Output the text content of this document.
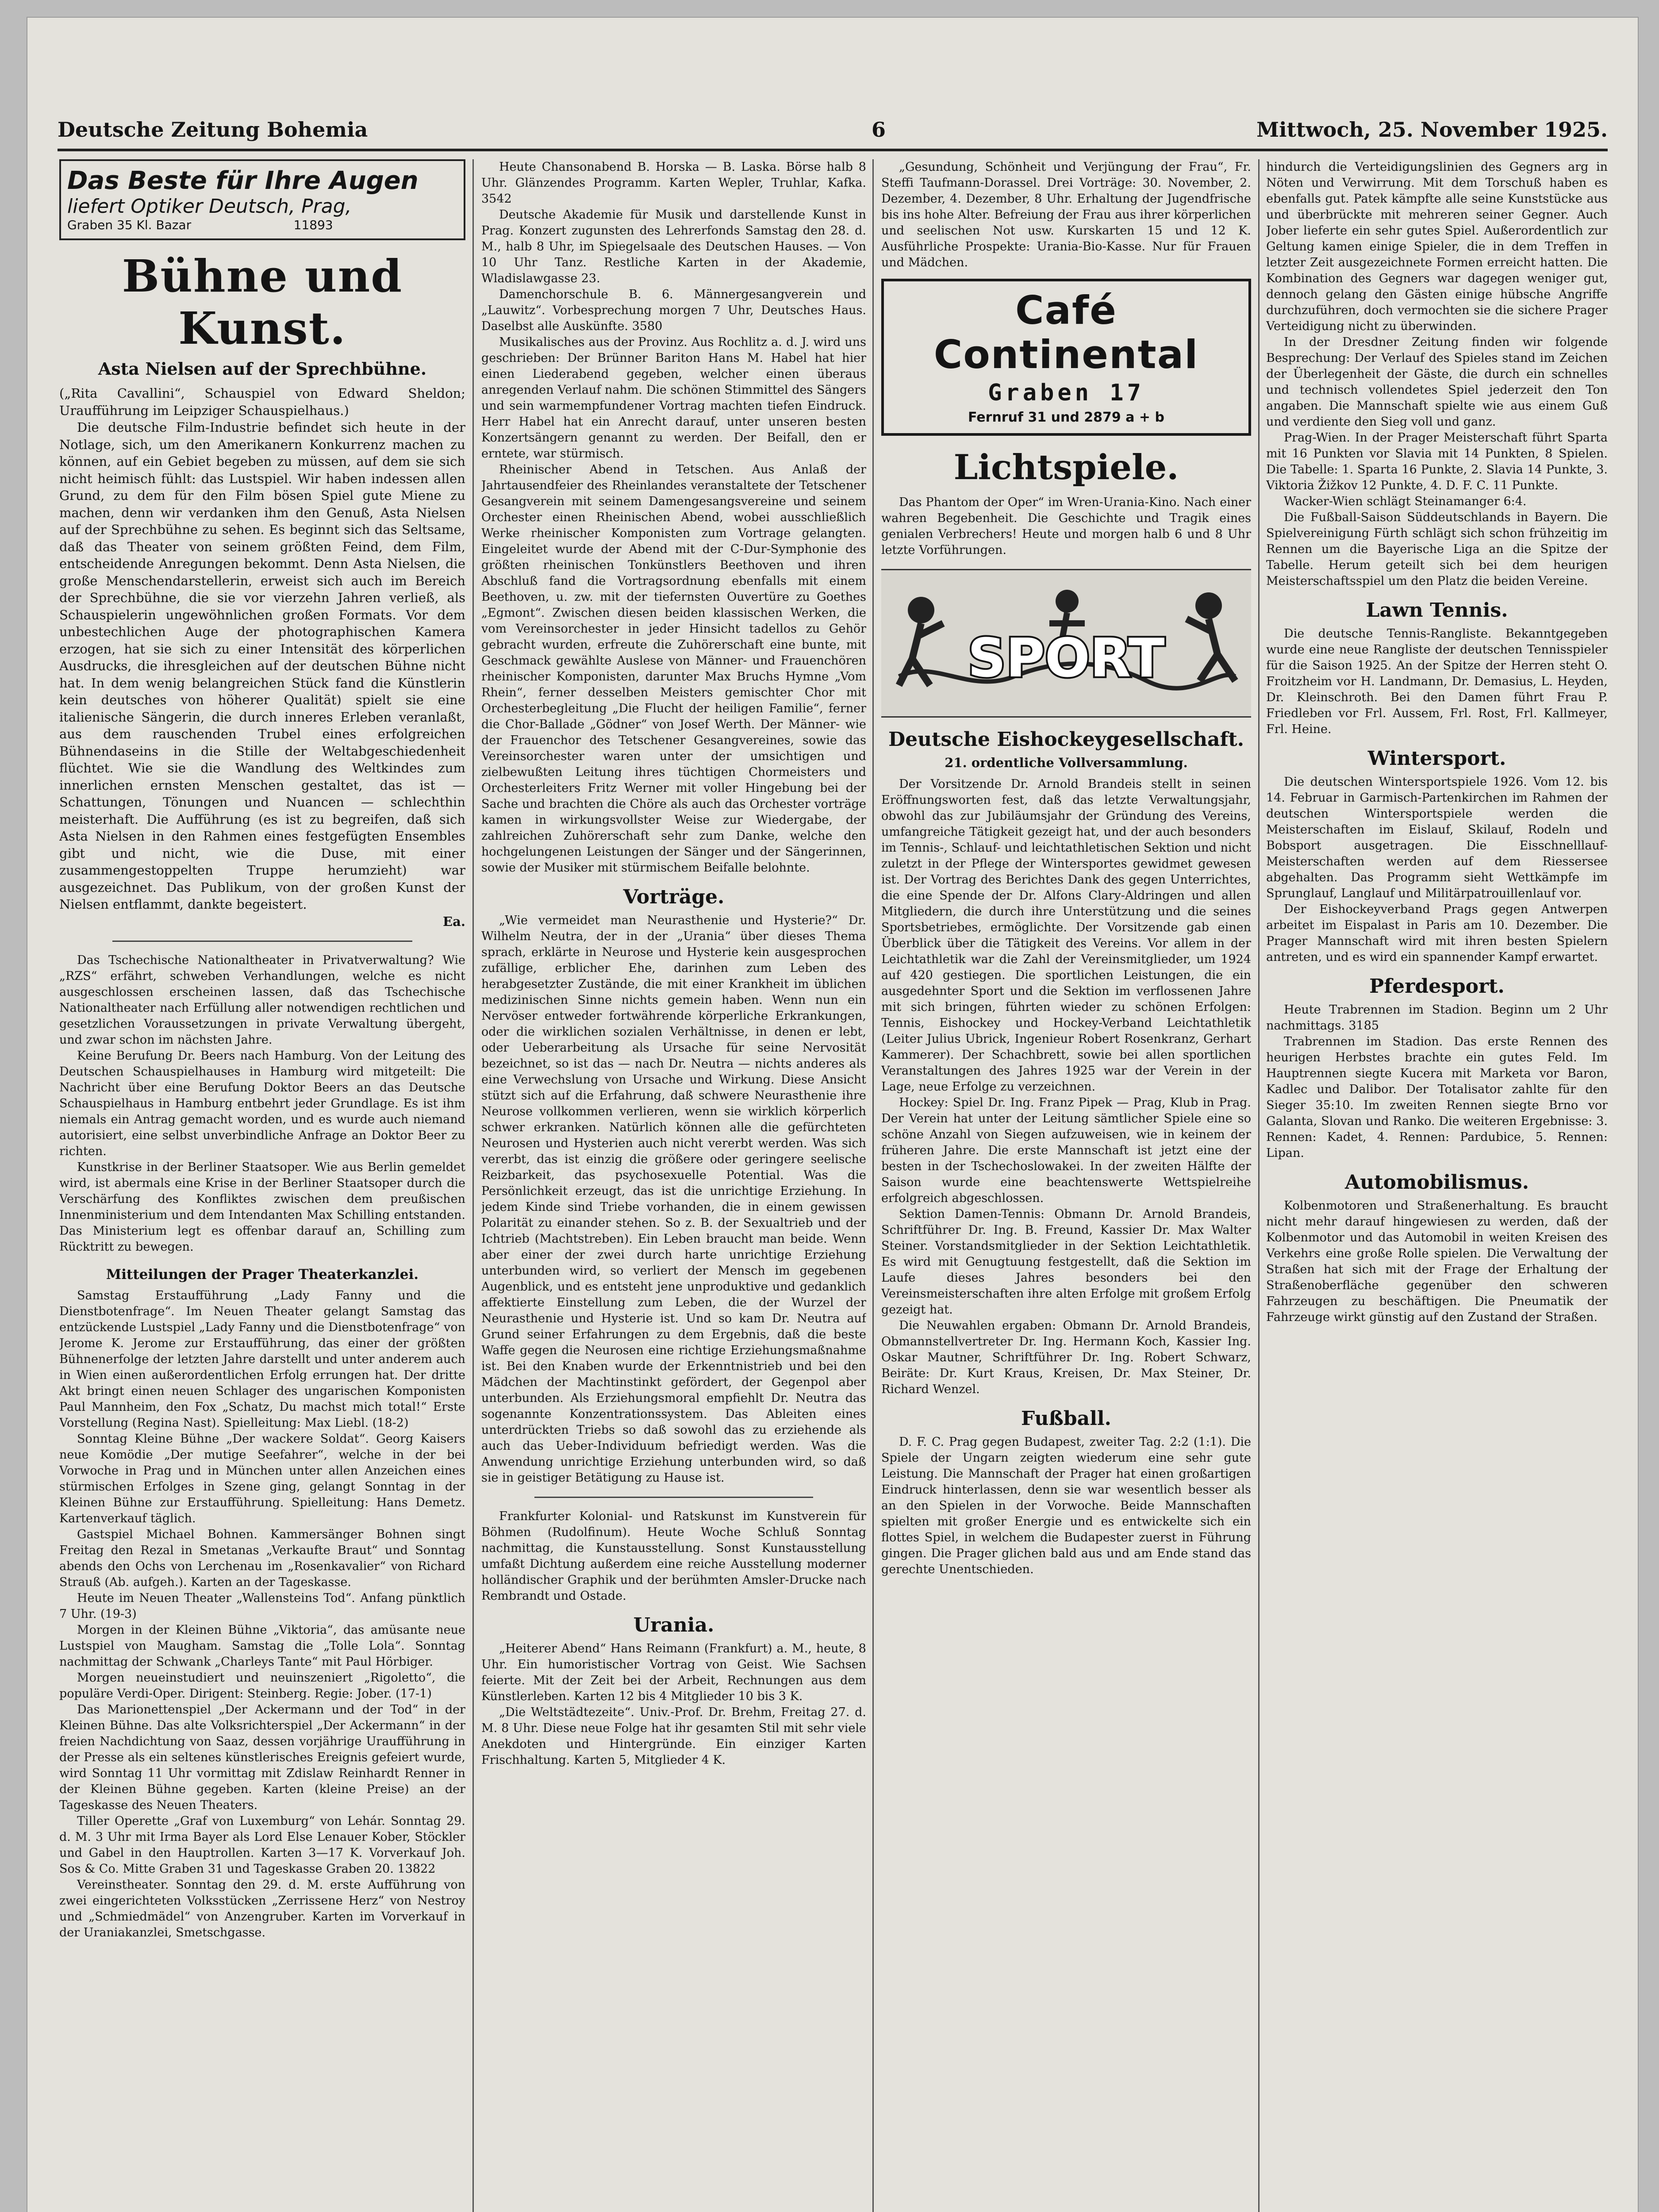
Deutsche Zeitung Bohemia	6	Mittwoch, 25. November 1925.
Das Beste für Ihre Augen
liefert Optiker Deutsch, Prag,
Graben 35 Kl. Bazar	11893
Bühne und Kunst.
Asta Nielsen auf der Sprechbühne.

(„Rita Cavallini“, Schauspiel von Edward Sheldon; Uraufführung im Leipziger Schauspielhaus.)

Die deutsche Film-Industrie befindet sich heute in der Notlage, sich, um den Amerikanern Konkurrenz machen zu können, auf ein Gebiet begeben zu müssen, auf dem sie sich nicht heimisch fühlt: das Lustspiel. Wir haben indessen allen Grund, zu dem für den Film bösen Spiel gute Miene zu machen, denn wir verdanken ihm den Genuß, Asta Nielsen auf der Sprechbühne zu sehen. Es beginnt sich das Seltsame, daß das Theater von seinem größten Feind, dem Film, entscheidende Anregungen bekommt. Denn Asta Nielsen, die große Menschendarstellerin, erweist sich auch im Bereich der Sprechbühne, die sie vor vierzehn Jahren verließ, als Schauspielerin ungewöhnlichen großen Formats. Vor dem unbestechlichen Auge der photographischen Kamera erzogen, hat sie sich zu einer Intensität des körperlichen Ausdrucks, die ihresgleichen auf der deutschen Bühne nicht hat. In dem wenig belangreichen Stück fand die Künstlerin kein deutsches von höherer Qualität) spielt sie eine italienische Sängerin, die durch inneres Erleben veranlaßt, aus dem rauschenden Trubel eines erfolgreichen Bühnendaseins in die Stille der Weltabgeschiedenheit flüchtet. Wie sie die Wandlung des Weltkindes zum innerlichen ernsten Menschen gestaltet, das ist — Schattungen, Tönungen und Nuancen — schlechthin meisterhaft. Die Aufführung (es ist zu begreifen, daß sich Asta Nielsen in den Rahmen eines festgefügten Ensembles gibt und nicht, wie die Duse, mit einer zusammengestoppelten Truppe herumzieht) war ausgezeichnet. Das Publikum, von der großen Kunst der Nielsen entflammt, dankte begeistert.

Ea.

Das Tschechische Nationaltheater in Privatverwaltung? Wie „RZS“ erfährt, schweben Verhandlungen, welche es nicht ausgeschlossen erscheinen lassen, daß das Tschechische Nationaltheater nach Erfüllung aller notwendigen rechtlichen und gesetzlichen Voraussetzungen in private Verwaltung übergeht, und zwar schon im nächsten Jahre.

Keine Berufung Dr. Beers nach Hamburg. Von der Leitung des Deutschen Schauspielhauses in Hamburg wird mitgeteilt: Die Nachricht über eine Berufung Doktor Beers an das Deutsche Schauspielhaus in Hamburg entbehrt jeder Grundlage. Es ist ihm niemals ein Antrag gemacht worden, und es wurde auch niemand autorisiert, eine selbst unverbindliche Anfrage an Doktor Beer zu richten.

Kunstkrise in der Berliner Staatsoper. Wie aus Berlin gemeldet wird, ist abermals eine Krise in der Berliner Staatsoper durch die Verschärfung des Konfliktes zwischen dem preußischen Innenministerium und dem Intendanten Max Schilling entstanden. Das Ministerium legt es offenbar darauf an, Schilling zum Rücktritt zu bewegen.

Mitteilungen der Prager Theaterkanzlei.

Samstag Erstaufführung „Lady Fanny und die Dienstbotenfrage“. Im Neuen Theater gelangt Samstag das entzückende Lustspiel „Lady Fanny und die Dienstbotenfrage“ von Jerome K. Jerome zur Erstaufführung, das einer der größten Bühnenerfolge der letzten Jahre darstellt und unter anderem auch in Wien einen außerordentlichen Erfolg errungen hat. Der dritte Akt bringt einen neuen Schlager des ungarischen Komponisten Paul Mannheim, den Fox „Schatz, Du machst mich total!“ Erste Vorstellung (Regina Nast). Spielleitung: Max Liebl. (18-2)

Sonntag Kleine Bühne „Der wackere Soldat“. Georg Kaisers neue Komödie „Der mutige Seefahrer“, welche in der bei Vorwoche in Prag und in München unter allen Anzeichen eines stürmischen Erfolges in Szene ging, gelangt Sonntag in der Kleinen Bühne zur Erstaufführung. Spielleitung: Hans Demetz. Kartenverkauf täglich.

Gastspiel Michael Bohnen. Kammersänger Bohnen singt Freitag den Rezal in Smetanas „Verkaufte Braut“ und Sonntag abends den Ochs von Lerchenau im „Rosenkavalier“ von Richard Strauß (Ab. aufgeh.). Karten an der Tageskasse.

Heute im Neuen Theater „Wallensteins Tod“. Anfang pünktlich 7 Uhr. (19-3)

Morgen in der Kleinen Bühne „Viktoria“, das amüsante neue Lustspiel von Maugham. Samstag die „Tolle Lola“. Sonntag nachmittag der Schwank „Charleys Tante“ mit Paul Hörbiger.

Morgen neueinstudiert und neuinszeniert „Rigoletto“, die populäre Verdi-Oper. Dirigent: Steinberg. Regie: Jober. (17-1)

Das Marionettenspiel „Der Ackermann und der Tod“ in der Kleinen Bühne. Das alte Volksrichterspiel „Der Ackermann“ in der freien Nachdichtung von Saaz, dessen vorjährige Uraufführung in der Presse als ein seltenes künstlerisches Ereignis gefeiert wurde, wird Sonntag 11 Uhr vormittag mit Zdislaw Reinhardt Renner in der Kleinen Bühne gegeben. Karten (kleine Preise) an der Tageskasse des Neuen Theaters.

Tiller Operette „Graf von Luxemburg“ von Lehár. Sonntag 29. d. M. 3 Uhr mit Irma Bayer als Lord Else Lenauer Kober, Stöckler und Gabel in den Hauptrollen. Karten 3—17 K. Vorverkauf Joh. Sos & Co. Mitte Graben 31 und Tageskasse Graben 20. 13822

Vereinstheater. Sonntag den 29. d. M. erste Aufführung von zwei eingerichteten Volksstücken „Zerrissene Herz“ von Nestroy und „Schmiedmädel“ von Anzengruber. Karten im Vorverkauf in der Uraniakanzlei, Smetschgasse.

Heute Chansonabend B. Horska — B. Laska. Börse halb 8 Uhr. Glänzendes Programm. Karten Wepler, Truhlar, Kafka. 3542

Deutsche Akademie für Musik und darstellende Kunst in Prag. Konzert zugunsten des Lehrerfonds Samstag den 28. d. M., halb 8 Uhr, im Spiegelsaale des Deutschen Hauses. — Von 10 Uhr Tanz. Restliche Karten in der Akademie, Wladislawgasse 23.

Damenchorschule B. 6. Männergesangverein und „Lauwitz“. Vorbesprechung morgen 7 Uhr, Deutsches Haus. Daselbst alle Auskünfte. 3580

Musikalisches aus der Provinz. Aus Rochlitz a. d. J. wird uns geschrieben: Der Brünner Bariton Hans M. Habel hat hier einen Liederabend gegeben, welcher einen überaus anregenden Verlauf nahm. Die schönen Stimmittel des Sängers und sein warmempfundener Vortrag machten tiefen Eindruck. Herr Habel hat ein Anrecht darauf, unter unseren besten Konzertsängern genannt zu werden. Der Beifall, den er erntete, war stürmisch.

Rheinischer Abend in Tetschen. Aus Anlaß der Jahrtausendfeier des Rheinlandes veranstaltete der Tetschener Gesangverein mit seinem Damengesangsvereine und seinem Orchester einen Rheinischen Abend, wobei ausschließlich Werke rheinischer Komponisten zum Vortrage gelangten. Eingeleitet wurde der Abend mit der C-Dur-Symphonie des größten rheinischen Tonkünstlers Beethoven und ihren Abschluß fand die Vortragsordnung ebenfalls mit einem Beethoven, u. zw. mit der tiefernsten Ouvertüre zu Goethes „Egmont“. Zwischen diesen beiden klassischen Werken, die vom Vereinsorchester in jeder Hinsicht tadellos zu Gehör gebracht wurden, erfreute die Zuhörerschaft eine bunte, mit Geschmack gewählte Auslese von Männer- und Frauenchören rheinischer Komponisten, darunter Max Bruchs Hymne „Vom Rhein“, ferner desselben Meisters gemischter Chor mit Orchesterbegleitung „Die Flucht der heiligen Familie“, ferner die Chor-Ballade „Gödner“ von Josef Werth. Der Männer- wie der Frauenchor des Tetschener Gesangvereines, sowie das Vereinsorchester waren unter der umsichtigen und zielbewußten Leitung ihres tüchtigen Chormeisters und Orchesterleiters Fritz Werner mit voller Hingebung bei der Sache und brachten die Chöre als auch das Orchester vorträge kamen in wirkungsvollster Weise zur Wiedergabe, der zahlreichen Zuhörerschaft sehr zum Danke, welche den hochgelungenen Leistungen der Sänger und der Sängerinnen, sowie der Musiker mit stürmischem Beifalle belohnte.

Vorträge.

„Wie vermeidet man Neurasthenie und Hysterie?“ Dr. Wilhelm Neutra, der in der „Urania“ über dieses Thema sprach, erklärte in Neurose und Hysterie kein ausgesprochen zufällige, erblicher Ehe, darinhen zum Leben des herabgesetzter Zustände, die mit einer Krankheit im üblichen medizinischen Sinne nichts gemein haben. Wenn nun ein Nervöser entweder fortwährende körperliche Erkrankungen, oder die wirklichen sozialen Verhältnisse, in denen er lebt, oder Ueberarbeitung als Ursache für seine Nervosität bezeichnet, so ist das — nach Dr. Neutra — nichts anderes als eine Verwechslung von Ursache und Wirkung. Diese Ansicht stützt sich auf die Erfahrung, daß schwere Neurasthenie ihre Neurose vollkommen verlieren, wenn sie wirklich körperlich schwer erkranken. Natürlich können alle die gefürchteten Neurosen und Hysterien auch nicht vererbt werden. Was sich vererbt, das ist einzig die größere oder geringere seelische Reizbarkeit, das psychosexuelle Potential. Was die Persönlichkeit erzeugt, das ist die unrichtige Erziehung. In jedem Kinde sind Triebe vorhanden, die in einem gewissen Polarität zu einander stehen. So z. B. der Sexualtrieb und der Ichtrieb (Machtstreben). Ein Leben braucht man beide. Wenn aber einer der zwei durch harte unrichtige Erziehung unterbunden wird, so verliert der Mensch im gegebenen Augenblick, und es entsteht jene unproduktive und gedanklich affektierte Einstellung zum Leben, die der Wurzel der Neurasthenie und Hysterie ist. Und so kam Dr. Neutra auf Grund seiner Erfahrungen zu dem Ergebnis, daß die beste Waffe gegen die Neurosen eine richtige Erziehungsmaßnahme ist. Bei den Knaben wurde der Erkenntnistrieb und bei den Mädchen der Machtinstinkt gefördert, der Gegenpol aber unterbunden. Als Erziehungsmoral empfiehlt Dr. Neutra das sogenannte Konzentrationssystem. Das Ableiten eines unterdrückten Triebs so daß sowohl das zu erziehende als auch das Ueber-Individuum befriedigt werden. Was die Anwendung unrichtige Erziehung unterbunden wird, so daß sie in geistiger Betätigung zu Hause ist.

Frankfurter Kolonial- und Ratskunst im Kunstverein für Böhmen (Rudolfinum). Heute Woche Schluß Sonntag nachmittag, die Kunstausstellung. Sonst Kunstausstellung umfaßt Dichtung außerdem eine reiche Ausstellung moderner holländischer Graphik und der berühmten Amsler-Drucke nach Rembrandt und Ostade.

Urania.

„Heiterer Abend“ Hans Reimann (Frankfurt) a. M., heute, 8 Uhr. Ein humoristischer Vortrag von Geist. Wie Sachsen feierte. Mit der Zeit bei der Arbeit, Rechnungen aus dem Künstlerleben. Karten 12 bis 4 Mitglieder 10 bis 3 K.

„Die Weltstädtezeite“. Univ.-Prof. Dr. Brehm, Freitag 27. d. M. 8 Uhr. Diese neue Folge hat ihr gesamten Stil mit sehr viele Anekdoten und Hintergründe. Ein einziger Karten Frischhaltung. Karten 5, Mitglieder 4 K.

„Gesundung, Schönheit und Verjüngung der Frau“, Fr. Steffi Taufmann-Dorassel. Drei Vorträge: 30. November, 2. Dezember, 4. Dezember, 8 Uhr. Erhaltung der Jugendfrische bis ins hohe Alter. Befreiung der Frau aus ihrer körperlichen und seelischen Not usw. Kurskarten 15 und 12 K. Ausführliche Prospekte: Urania-Bio-Kasse. Nur für Frauen und Mädchen.

Café Continental
Graben 17
Fernruf 31 und 2879 a + b
Lichtspiele.

Das Phantom der Oper“ im Wren-Urania-Kino. Nach einer wahren Begebenheit. Die Geschichte und Tragik eines genialen Verbrechers! Heute und morgen halb 6 und 8 Uhr letzte Vorführungen.

SPORT
Deutsche Eishockeygesellschaft.
21. ordentliche Vollversammlung.

Der Vorsitzende Dr. Arnold Brandeis stellt in seinen Eröffnungsworten fest, daß das letzte Verwaltungsjahr, obwohl das zur Jubiläumsjahr der Gründung des Vereins, umfangreiche Tätigkeit gezeigt hat, und der auch besonders im Tennis-, Schlauf- und leichtathletischen Sektion und nicht zuletzt in der Pflege der Wintersportes gewidmet gewesen ist. Der Vortrag des Berichtes Dank des gegen Unterrichtes, die eine Spende der Dr. Alfons Clary-Aldringen und allen Mitgliedern, die durch ihre Unterstützung und die seines Sportsbetriebes, ermöglichte. Der Vorsitzende gab einen Überblick über die Tätigkeit des Vereins. Vor allem in der Leichtathletik war die Zahl der Vereinsmitglieder, um 1924 auf 420 gestiegen. Die sportlichen Leistungen, die ein ausgedehnter Sport und die Sektion im verflossenen Jahre mit sich bringen, führten wieder zu schönen Erfolgen: Tennis, Eishockey und Hockey-Verband Leichtathletik (Leiter Julius Ubrick, Ingenieur Robert Rosenkranz, Gerhart Kammerer). Der Schachbrett, sowie bei allen sportlichen Veranstaltungen des Jahres 1925 war der Verein in der Lage, neue Erfolge zu verzeichnen.

Hockey: Spiel Dr. Ing. Franz Pipek — Prag, Klub in Prag. Der Verein hat unter der Leitung sämtlicher Spiele eine so schöne Anzahl von Siegen aufzuweisen, wie in keinem der früheren Jahre. Die erste Mannschaft ist jetzt eine der besten in der Tschechoslowakei. In der zweiten Hälfte der Saison wurde eine beachtenswerte Wettspielreihe erfolgreich abgeschlossen.

Sektion Damen-Tennis: Obmann Dr. Arnold Brandeis, Schriftführer Dr. Ing. B. Freund, Kassier Dr. Max Walter Steiner. Vorstandsmitglieder in der Sektion Leichtathletik. Es wird mit Genugtuung festgestellt, daß die Sektion im Laufe dieses Jahres besonders bei den Vereinsmeisterschaften ihre alten Erfolge mit großem Erfolg gezeigt hat.

Die Neuwahlen ergaben: Obmann Dr. Arnold Brandeis, Obmannstellvertreter Dr. Ing. Hermann Koch, Kassier Ing. Oskar Mautner, Schriftführer Dr. Ing. Robert Schwarz, Beiräte: Dr. Kurt Kraus, Kreisen, Dr. Max Steiner, Dr. Richard Wenzel.

Fußball.

D. F. C. Prag gegen Budapest, zweiter Tag. 2:2 (1:1). Die Spiele der Ungarn zeigten wiederum eine sehr gute Leistung. Die Mannschaft der Prager hat einen großartigen Eindruck hinterlassen, denn sie war wesentlich besser als an den Spielen in der Vorwoche. Beide Mannschaften spielten mit großer Energie und es entwickelte sich ein flottes Spiel, in welchem die Budapester zuerst in Führung gingen. Die Prager glichen bald aus und am Ende stand das gerechte Unentschieden.

hindurch die Verteidigungslinien des Gegners arg in Nöten und Verwirrung. Mit dem Torschuß haben es ebenfalls gut. Patek kämpfte alle seine Kunststücke aus und überbrückte mit mehreren seiner Gegner. Auch Jober lieferte ein sehr gutes Spiel. Außerordentlich zur Geltung kamen einige Spieler, die in dem Treffen in letzter Zeit ausgezeichnete Formen erreicht hatten. Die Kombination des Gegners war dagegen weniger gut, dennoch gelang den Gästen einige hübsche Angriffe durchzuführen, doch vermochten sie die sichere Prager Verteidigung nicht zu überwinden.

In der Dresdner Zeitung finden wir folgende Besprechung: Der Verlauf des Spieles stand im Zeichen der Überlegenheit der Gäste, die durch ein schnelles und technisch vollendetes Spiel jederzeit den Ton angaben. Die Mannschaft spielte wie aus einem Guß und verdiente den Sieg voll und ganz.

Prag-Wien. In der Prager Meisterschaft führt Sparta mit 16 Punkten vor Slavia mit 14 Punkten, 8 Spielen. Die Tabelle: 1. Sparta 16 Punkte, 2. Slavia 14 Punkte, 3. Viktoria Žižkov 12 Punkte, 4. D. F. C. 11 Punkte.

Wacker-Wien schlägt Steinamanger 6:4.

Die Fußball-Saison Süddeutschlands in Bayern. Die Spielvereinigung Fürth schlägt sich schon frühzeitig im Rennen um die Bayerische Liga an die Spitze der Tabelle. Herum geteilt sich bei dem heurigen Meisterschaftsspiel um den Platz die beiden Vereine.

Lawn Tennis.

Die deutsche Tennis-Rangliste. Bekanntgegeben wurde eine neue Rangliste der deutschen Tennisspieler für die Saison 1925. An der Spitze der Herren steht O. Froitzheim vor H. Landmann, Dr. Demasius, L. Heyden, Dr. Kleinschroth. Bei den Damen führt Frau P. Friedleben vor Frl. Aussem, Frl. Rost, Frl. Kallmeyer, Frl. Heine.

Wintersport.

Die deutschen Wintersportspiele 1926. Vom 12. bis 14. Februar in Garmisch-Partenkirchen im Rahmen der deutschen Wintersportspiele werden die Meisterschaften im Eislauf, Skilauf, Rodeln und Bobsport ausgetragen. Die Eisschnelllauf-Meisterschaften werden auf dem Riessersee abgehalten. Das Programm sieht Wettkämpfe im Sprunglauf, Langlauf und Militärpatrouillenlauf vor.

Der Eishockeyverband Prags gegen Antwerpen arbeitet im Eispalast in Paris am 10. Dezember. Die Prager Mannschaft wird mit ihren besten Spielern antreten, und es wird ein spannender Kampf erwartet.

Pferdesport.

Heute Trabrennen im Stadion. Beginn um 2 Uhr nachmittags. 3185

Trabrennen im Stadion. Das erste Rennen des heurigen Herbstes brachte ein gutes Feld. Im Hauptrennen siegte Kucera mit Marketa vor Baron, Kadlec und Dalibor. Der Totalisator zahlte für den Sieger 35:10. Im zweiten Rennen siegte Brno vor Galanta, Slovan und Ranko. Die weiteren Ergebnisse: 3. Rennen: Kadet, 4. Rennen: Pardubice, 5. Rennen: Lipan.

Automobilismus.

Kolbenmotoren und Straßenerhaltung. Es braucht nicht mehr darauf hingewiesen zu werden, daß der Kolbenmotor und das Automobil in weiten Kreisen des Verkehrs eine große Rolle spielen. Die Verwaltung der Straßen hat sich mit der Frage der Erhaltung der Straßenoberfläche gegenüber den schweren Fahrzeugen zu beschäftigen. Die Pneumatik der Fahrzeuge wirkt günstig auf den Zustand der Straßen.
